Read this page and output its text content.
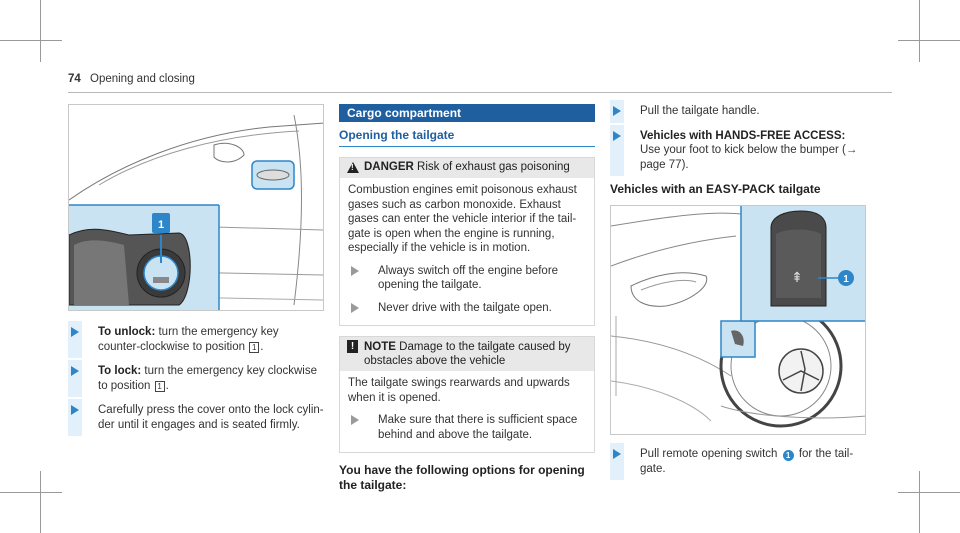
74 Opening and closing
1
To unlock: turn the emergency key counter-clockwise to position 1 .
To lock: turn the emergency key clockwise to position 1 .
Carefully press the cover onto the lock cylin-der until it engages and is seated firmly.
Cargo compartment
Opening the tailgate
!
DANGER Risk of exhaust gas poisoning
Combustion engines emit poisonous exhaust gases such as carbon monoxide. Exhaust gases can enter the vehicle interior if the tail-gate is open when the engine is running, especially if the vehicle is in motion.
Always switch off the engine before opening the tailgate.
Never drive with the tailgate open.
! NOTE Damage to the tailgate caused by obstacles above the vehicle
The tailgate swings rearwards and upwards when it is opened.
Make sure that there is sufficient space behind and above the tailgate.
You have the following options for opening the tailgate:
Pull the tailgate handle.
Vehicles with HANDS-FREE ACCESS: Use your foot to kick below the bumper (→ page 77).
Vehicles with an EASY-PACK tailgate
⇞	1
Pull remote opening switch 1 for the tail-gate.
